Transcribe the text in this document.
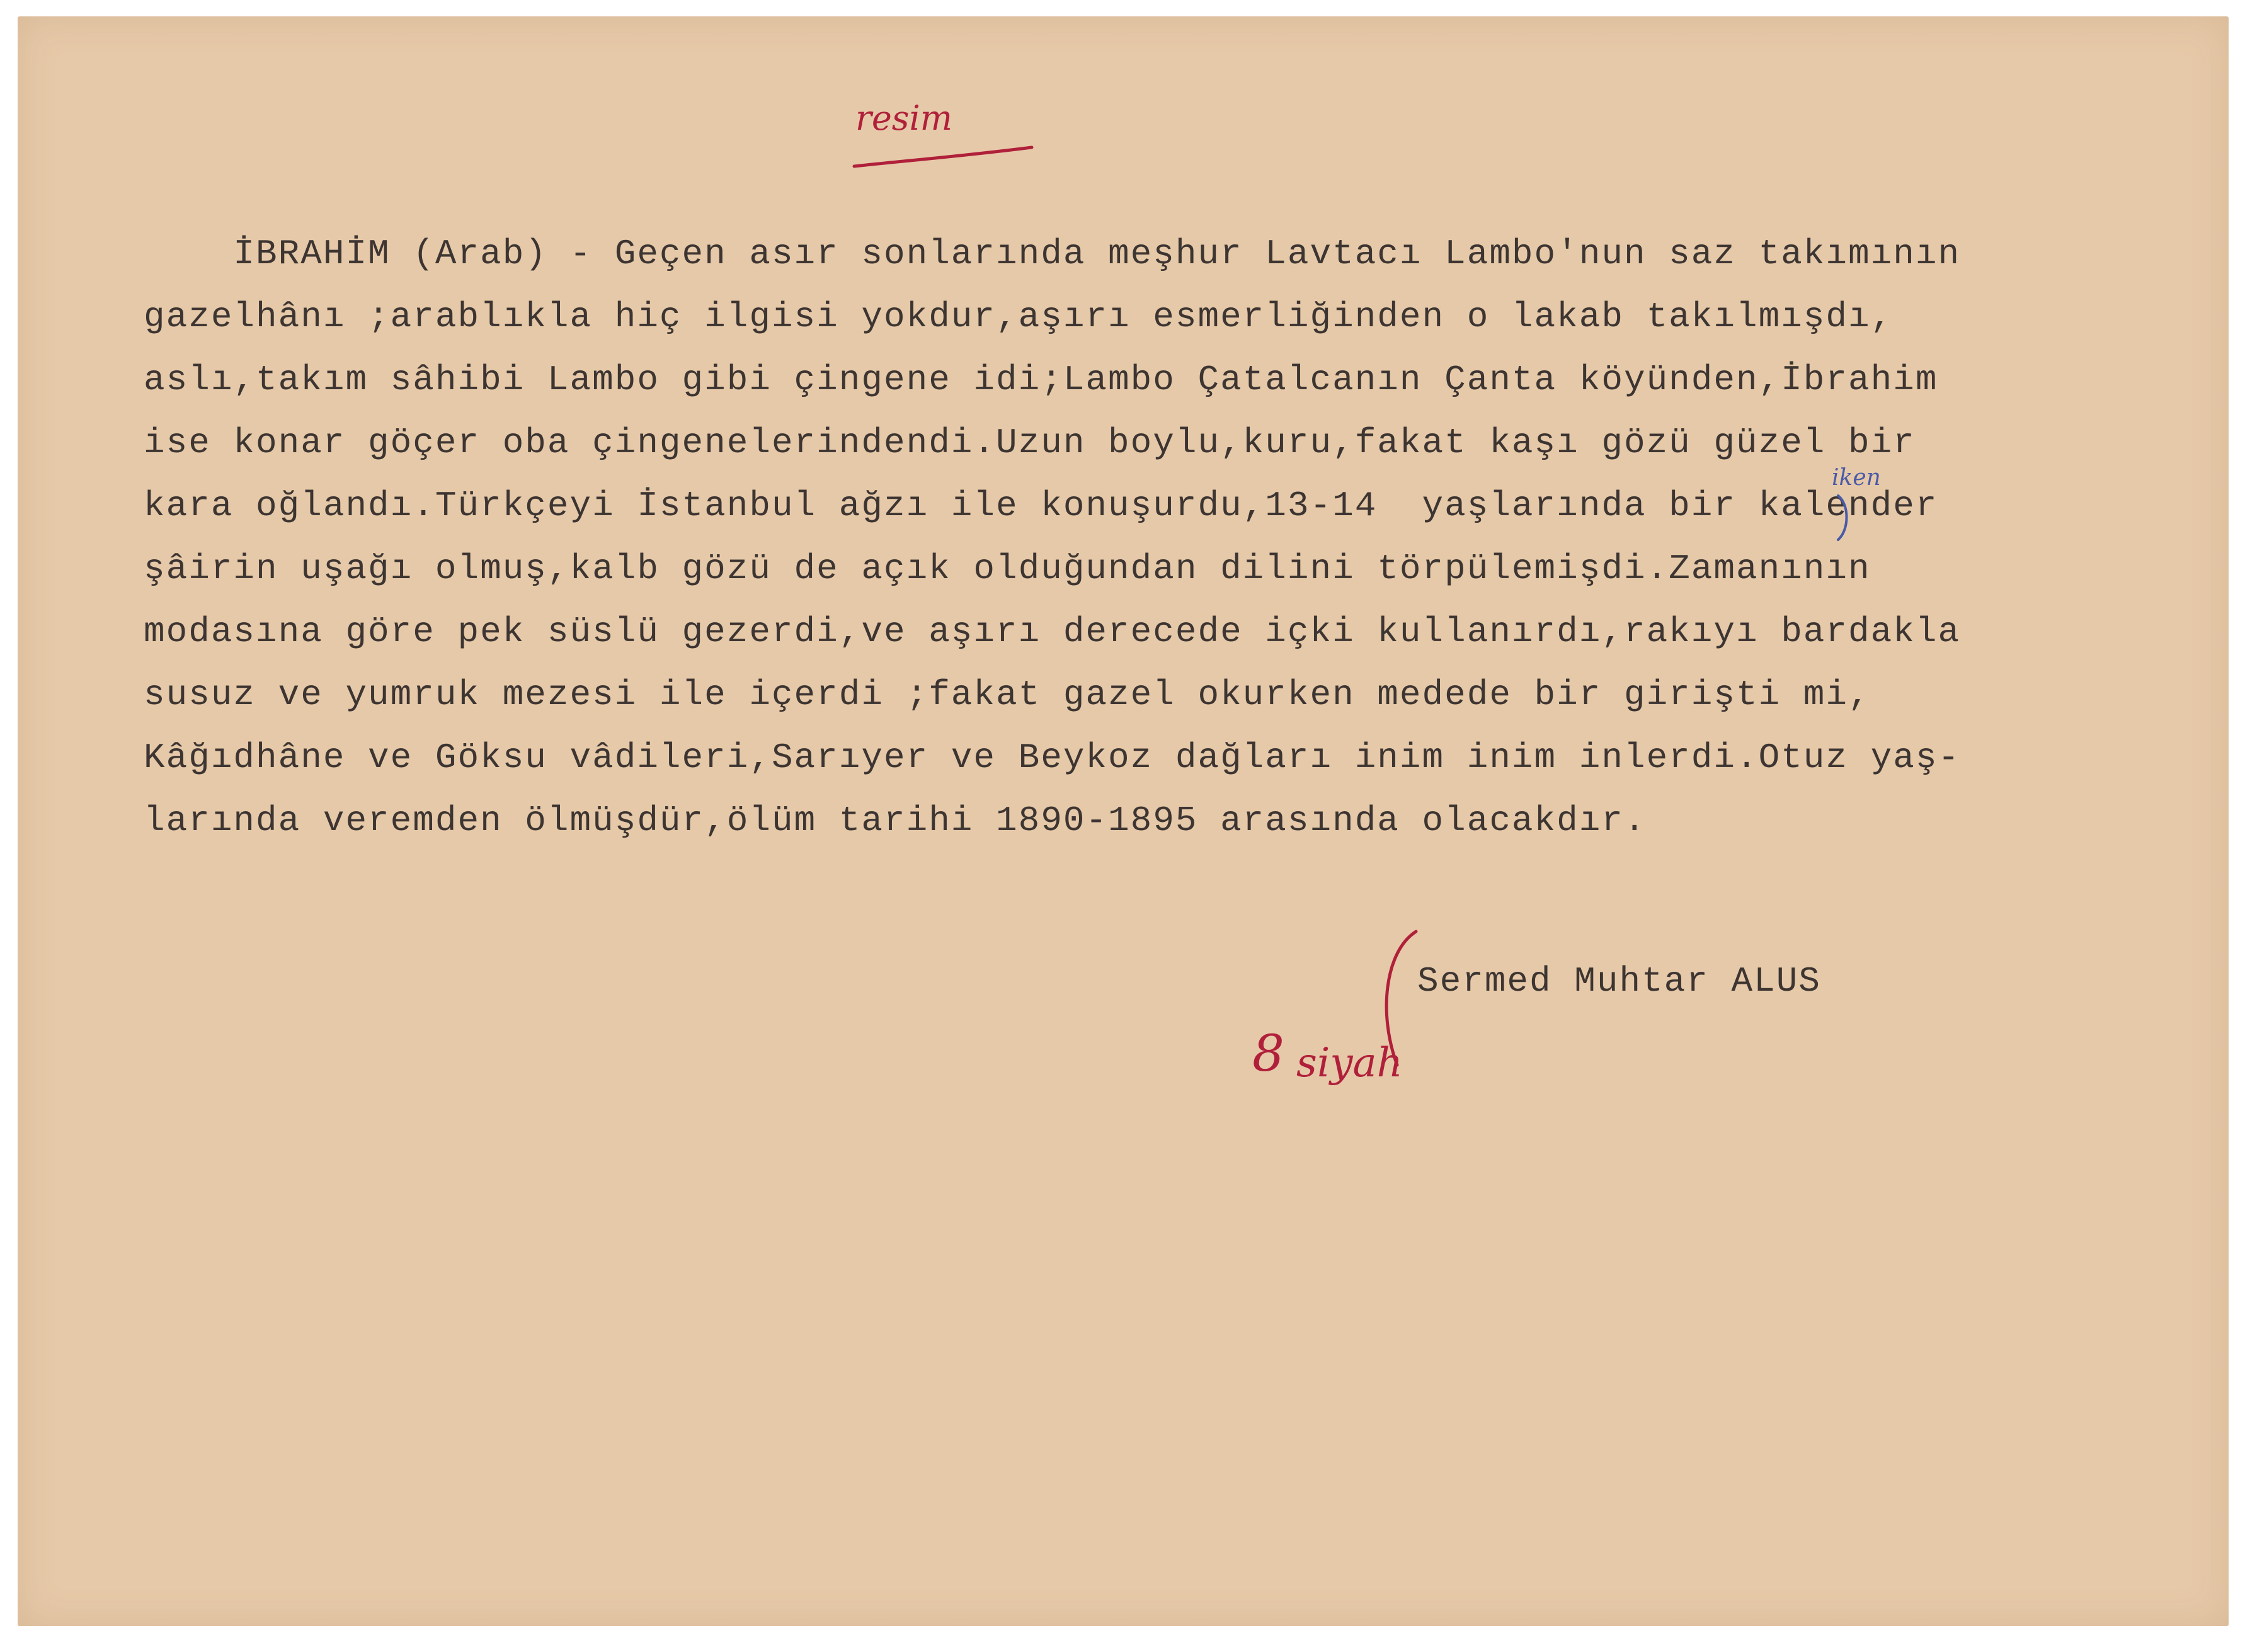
resim
İBRAHİM (Arab) - Geçen asır sonlarında meşhur Lavtacı Lambo'nun saz takımının
gazelhânı ;arablıkla hiç ilgisi yokdur,aşırı esmerliğinden o lakab takılmışdı,
aslı,takım sâhibi Lambo gibi çingene idi;Lambo Çatalcanın Çanta köyünden,İbrahim
ise konar göçer oba çingenelerindendi.Uzun boylu,kuru,fakat kaşı gözü güzel bir
kara oğlandı.Türkçeyi İstanbul ağzı ile konuşurdu,13-14  yaşlarında bir kalender
şâirin uşağı olmuş,kalb gözü de açık olduğundan dilini törpülemişdi.Zamanının
modasına göre pek süslü gezerdi,ve aşırı derecede içki kullanırdı,rakıyı bardakla
susuz ve yumruk mezesi ile içerdi ;fakat gazel okurken medede bir girişti mi,
Kâğıdhâne ve Göksu vâdileri,Sarıyer ve Beykoz dağları inim inim inlerdi.Otuz yaş-
larında veremden ölmüşdür,ölüm tarihi 1890-1895 arasında olacakdır.
iken
Sermed Muhtar ALUS
8 siyah
